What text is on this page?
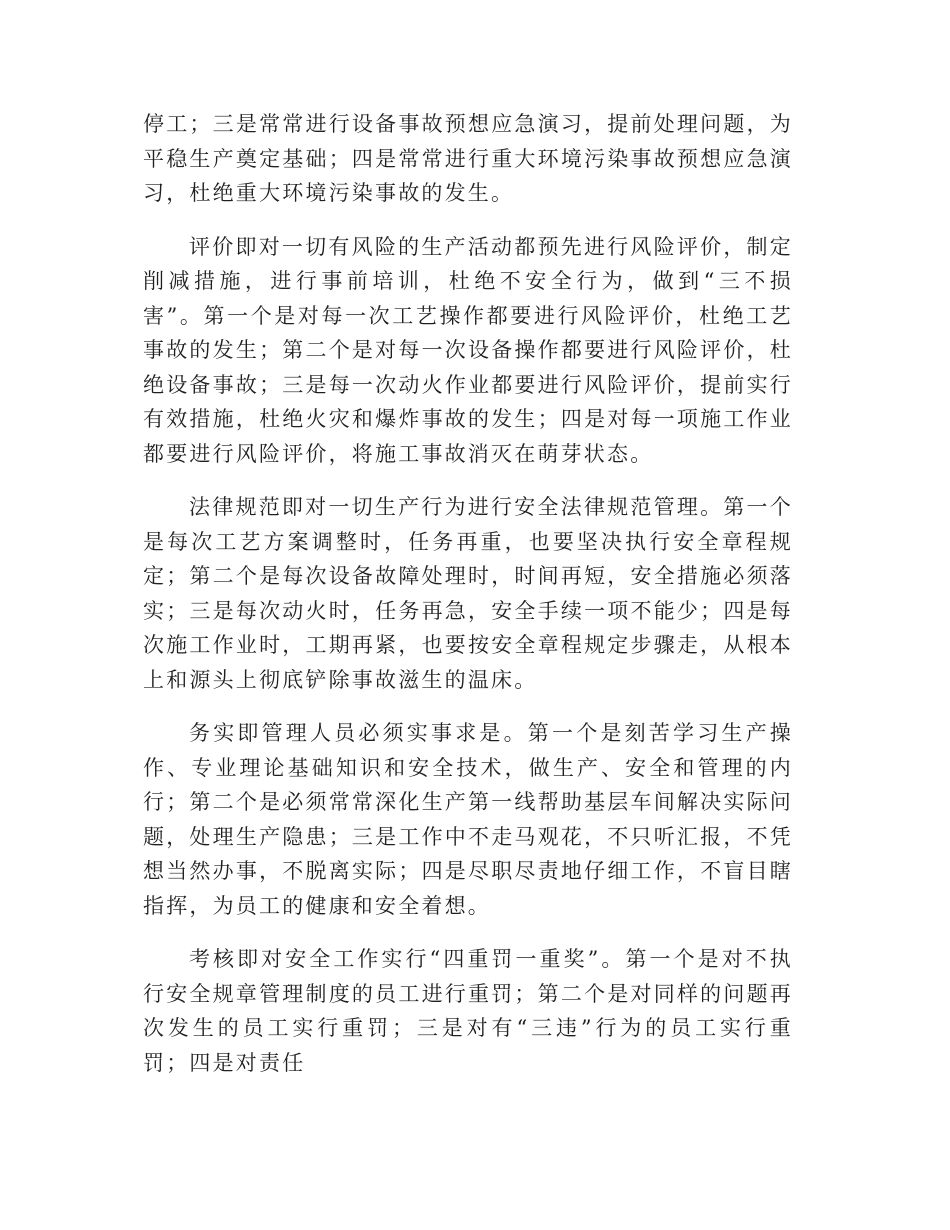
停工；三是常常进行设备事故预想应急演习，提前处理问题，为平稳生产奠定基础；四是常常进行重大环境污染事故预想应急演习，杜绝重大环境污染事故的发生。

评价即对一切有风险的生产活动都预先进行风险评价，制定削减措施，进行事前培训，杜绝不安全行为，做到“三不损害”。第一个是对每一次工艺操作都要进行风险评价，杜绝工艺事故的发生；第二个是对每一次设备操作都要进行风险评价，杜绝设备事故；三是每一次动火作业都要进行风险评价，提前实行有效措施，杜绝火灾和爆炸事故的发生；四是对每一项施工作业都要进行风险评价，将施工事故消灭在萌芽状态。

法律规范即对一切生产行为进行安全法律规范管理。第一个是每次工艺方案调整时，任务再重，也要坚决执行安全章程规定；第二个是每次设备故障处理时，时间再短，安全措施必须落实；三是每次动火时，任务再急，安全手续一项不能少；四是每次施工作业时，工期再紧，也要按安全章程规定步骤走，从根本上和源头上彻底铲除事故滋生的温床。

务实即管理人员必须实事求是。第一个是刻苦学习生产操作、专业理论基础知识和安全技术，做生产、安全和管理的内行；第二个是必须常常深化生产第一线帮助基层车间解决实际问题，处理生产隐患；三是工作中不走马观花，不只听汇报，不凭想当然办事，不脱离实际；四是尽职尽责地仔细工作，不盲目瞎指挥，为员工的健康和安全着想。

考核即对安全工作实行“四重罚一重奖”。第一个是对不执行安全规章管理制度的员工进行重罚；第二个是对同样的问题再次发生的员工实行重罚；三是对有“三违”行为的员工实行重罚；四是对责任
